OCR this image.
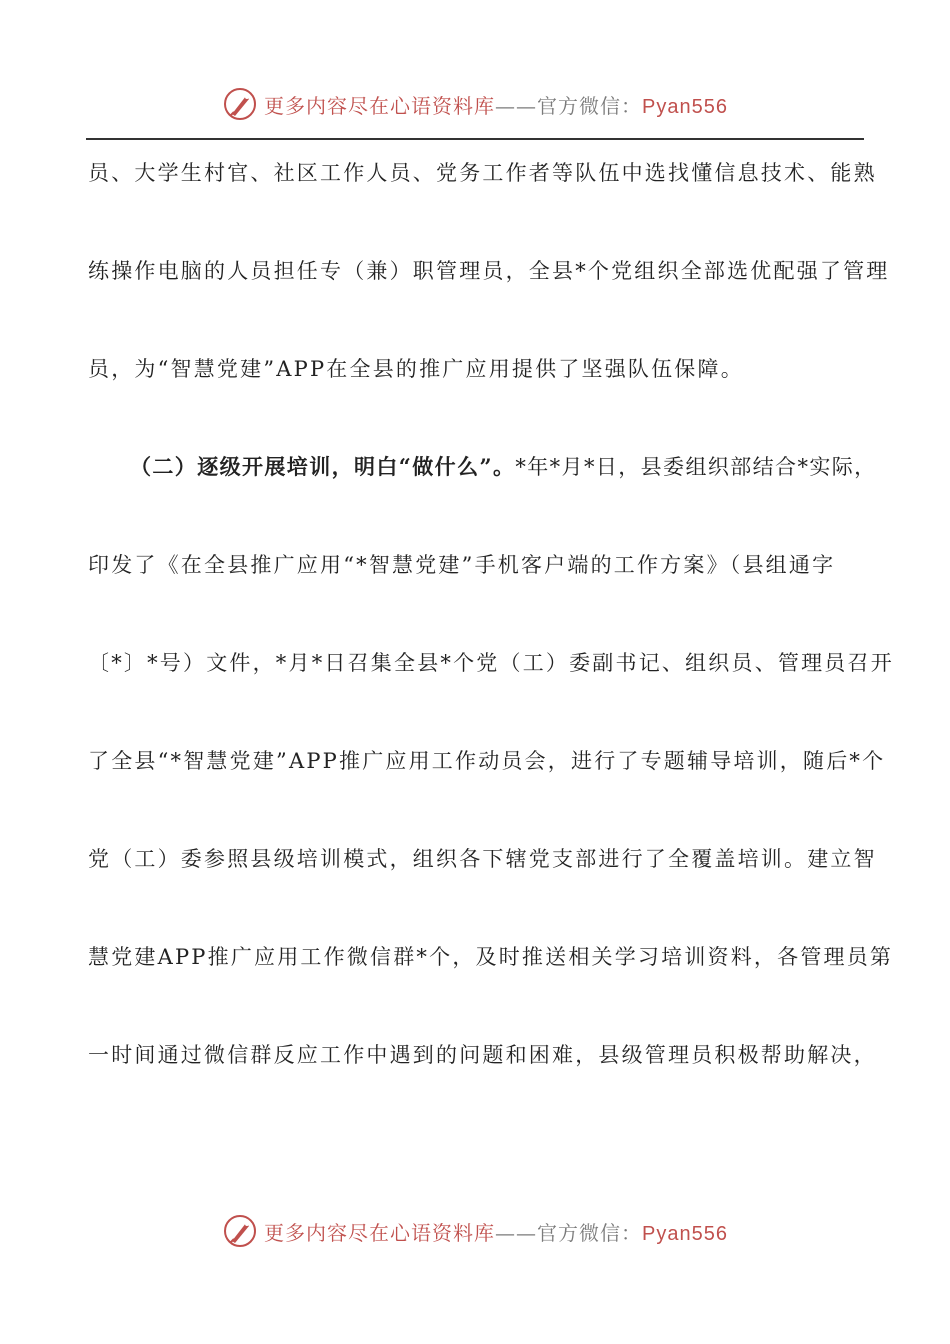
更多内容尽在心语资料库——官方微信：Pyan556
员、大学生村官、社区工作人员、党务工作者等队伍中选找懂信息技术、能熟
练操作电脑的人员担任专（兼）职管理员，全县*个党组织全部选优配强了管理
员，为“智慧党建”APP在全县的推广应用提供了坚强队伍保障。
（二）逐级开展培训，明白“做什么”。*年*月*日，县委组织部结合*实际，
印发了《在全县推广应用“*智慧党建”手机客户端的工作方案》（县组通字
〔*〕*号）文件，*月*日召集全县*个党（工）委副书记、组织员、管理员召开
了全县“*智慧党建”APP推广应用工作动员会，进行了专题辅导培训，随后*个
党（工）委参照县级培训模式，组织各下辖党支部进行了全覆盖培训。建立智
慧党建APP推广应用工作微信群*个，及时推送相关学习培训资料，各管理员第
一时间通过微信群反应工作中遇到的问题和困难，县级管理员积极帮助解决，
更多内容尽在心语资料库——官方微信：Pyan556
